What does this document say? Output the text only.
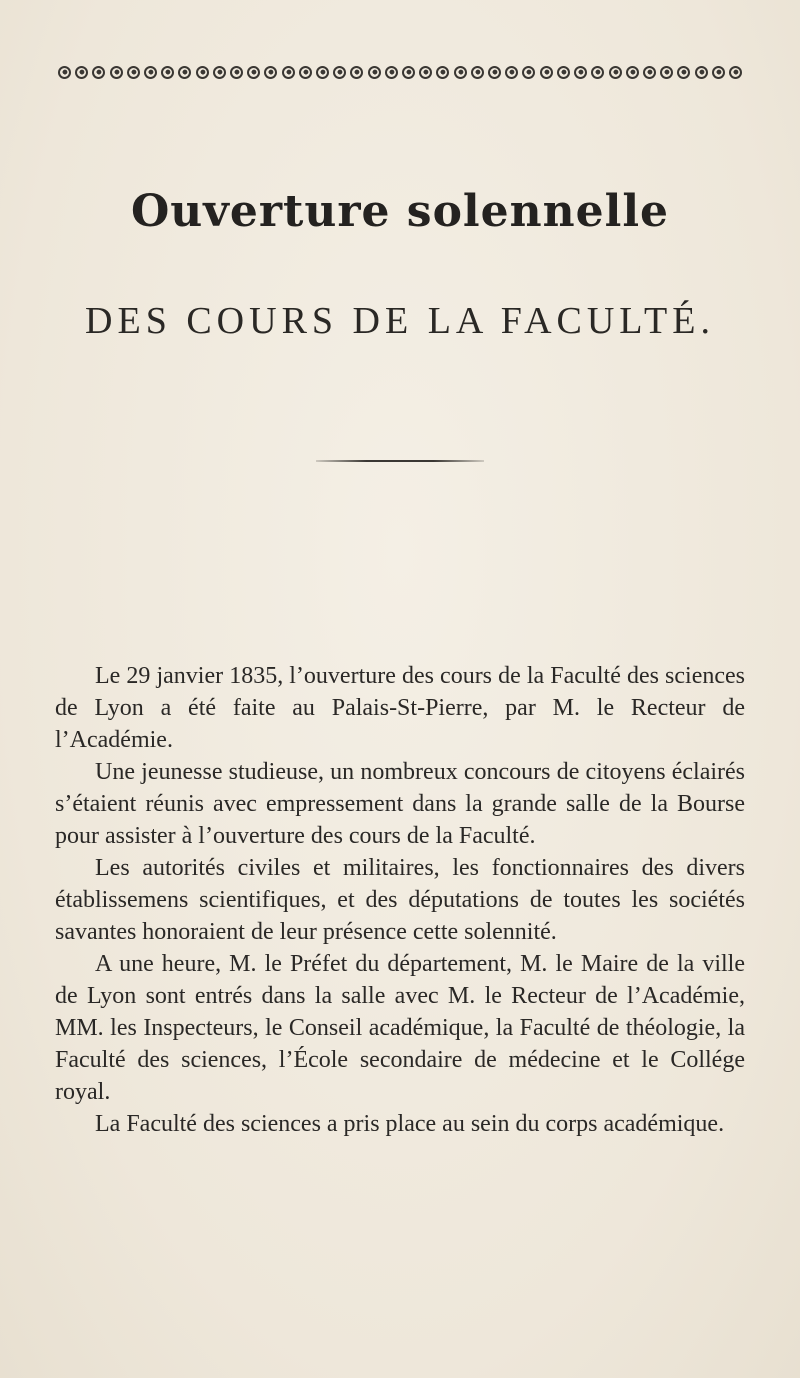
Ouverture solennelle
DES COURS DE LA FACULTÉ.

Le 29 janvier 1835, l’ouverture des cours de la Faculté des sciences de Lyon a été faite au Palais-St-Pierre, par M. le Recteur de l’Académie.

Une jeunesse studieuse, un nombreux concours de citoyens éclairés s’étaient réunis avec empressement dans la grande salle de la Bourse pour assister à l’ouverture des cours de la Faculté.

Les autorités civiles et militaires, les fonctionnaires des divers établissemens scientifiques, et des députations de toutes les sociétés savantes honoraient de leur présence cette solennité.

A une heure, M. le Préfet du département, M. le Maire de la ville de Lyon sont entrés dans la salle avec M. le Recteur de l’Académie, MM. les Inspecteurs, le Conseil académique, la Faculté de théologie, la Faculté des sciences, l’École secondaire de médecine et le Collége royal.

La Faculté des sciences a pris place au sein du corps académique.
